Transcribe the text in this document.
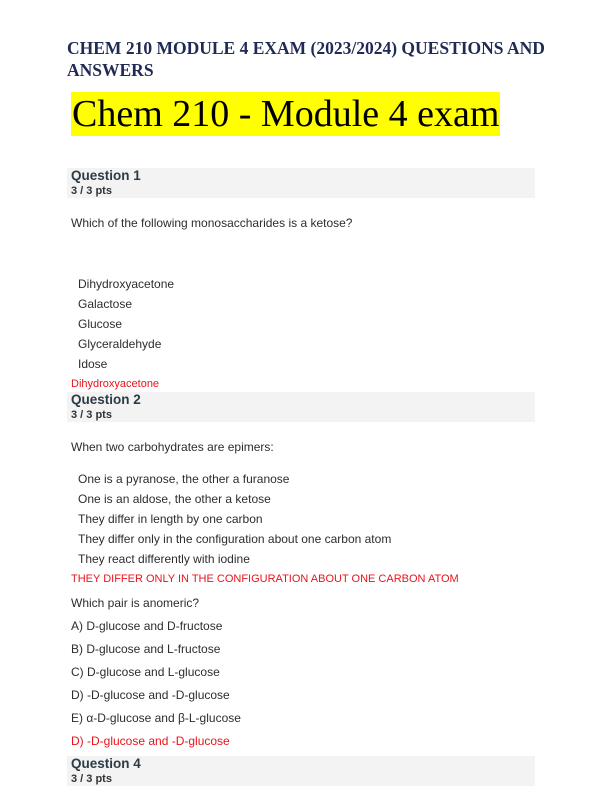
CHEM 210 MODULE 4 EXAM (2023/2024) QUESTIONS AND ANSWERS
Chem 210 - Module 4 exam
Question 1
3 / 3 pts
Which of the following monosaccharides is a ketose?
Dihydroxyacetone
Galactose
Glucose
Glyceraldehyde
Idose
Dihydroxyacetone
Question 2
3 / 3 pts
When two carbohydrates are epimers:
One is a pyranose, the other a furanose
One is an aldose, the other a ketose
They differ in length by one carbon
They differ only in the configuration about one carbon atom
They react differently with iodine
THEY DIFFER ONLY IN THE CONFIGURATION ABOUT ONE CARBON ATOM
Which pair is anomeric?
A) D-glucose and D-fructose
B) D-glucose and L-fructose
C) D-glucose and L-glucose
D) -D-glucose and -D-glucose
E) α-D-glucose and β-L-glucose
D) -D-glucose and -D-glucose
Question 4
3 / 3 pts
